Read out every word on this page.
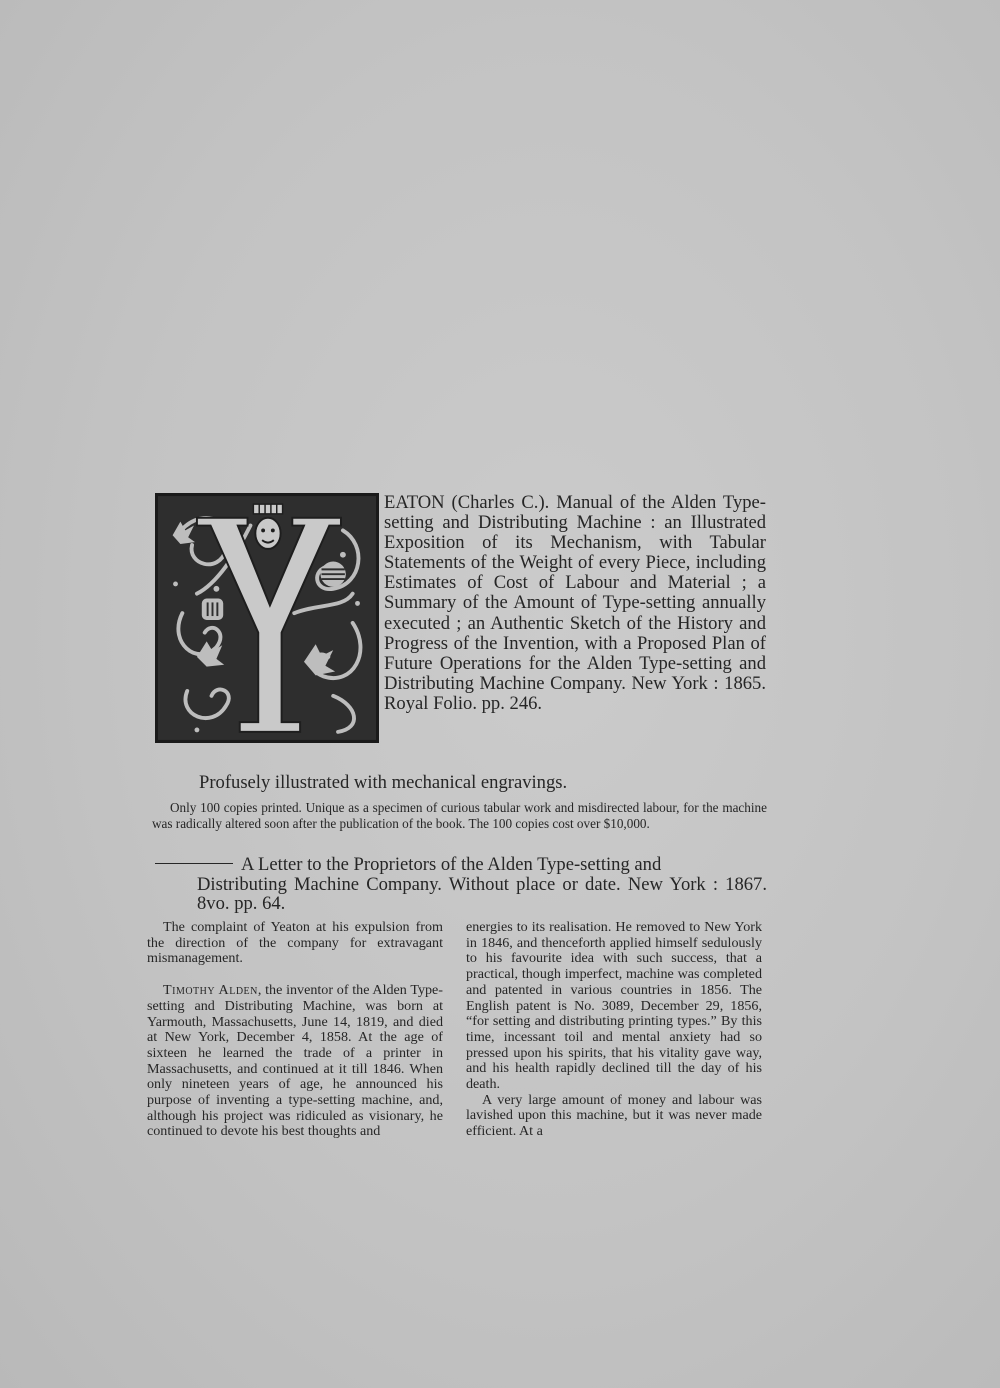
EATON (Charles C.). Manual of the Alden Type-setting and Distributing Machine : an Illustrated Exposition of its Mechanism, with Tabular Statements of the Weight of every Piece, including Estimates of Cost of Labour and Material ; a Summary of the Amount of Type-setting annually executed ; an Authentic Sketch of the History and Progress of the Invention, with a Proposed Plan of Future Operations for the Alden Type-setting and Distributing Machine Company. New York : 1865. Royal Folio. pp. 246.
Profusely illustrated with mechanical engravings.
Only 100 copies printed. Unique as a specimen of curious tabular work and misdirected labour, for the machine was radically altered soon after the publication of the book. The 100 copies cost over $10,000.
A Letter to the Proprietors of the Alden Type-setting and
Distributing Machine Company. Without place or date. New York : 1867. 8vo. pp. 64.

The complaint of Yeaton at his expulsion from the direction of the company for extravagant mismanagement.

Timothy Alden, the inventor of the Alden Type-setting and Distributing Machine, was born at Yarmouth, Massachusetts, June 14, 1819, and died at New York, December 4, 1858. At the age of sixteen he learned the trade of a printer in Massachusetts, and continued at it till 1846. When only nineteen years of age, he announced his purpose of inventing a type-setting machine, and, although his project was ridiculed as visionary, he continued to devote his best thoughts and

energies to its realisation. He removed to New York in 1846, and thenceforth applied himself sedulously to his favourite idea with such success, that a practical, though imperfect, machine was completed and patented in various countries in 1856. The English patent is No. 3089, December 29, 1856, “for setting and distributing printing types.” By this time, incessant toil and mental anxiety had so pressed upon his spirits, that his vitality gave way, and his health rapidly declined till the day of his death.

A very large amount of money and labour was lavished upon this machine, but it was never made efficient. At a
